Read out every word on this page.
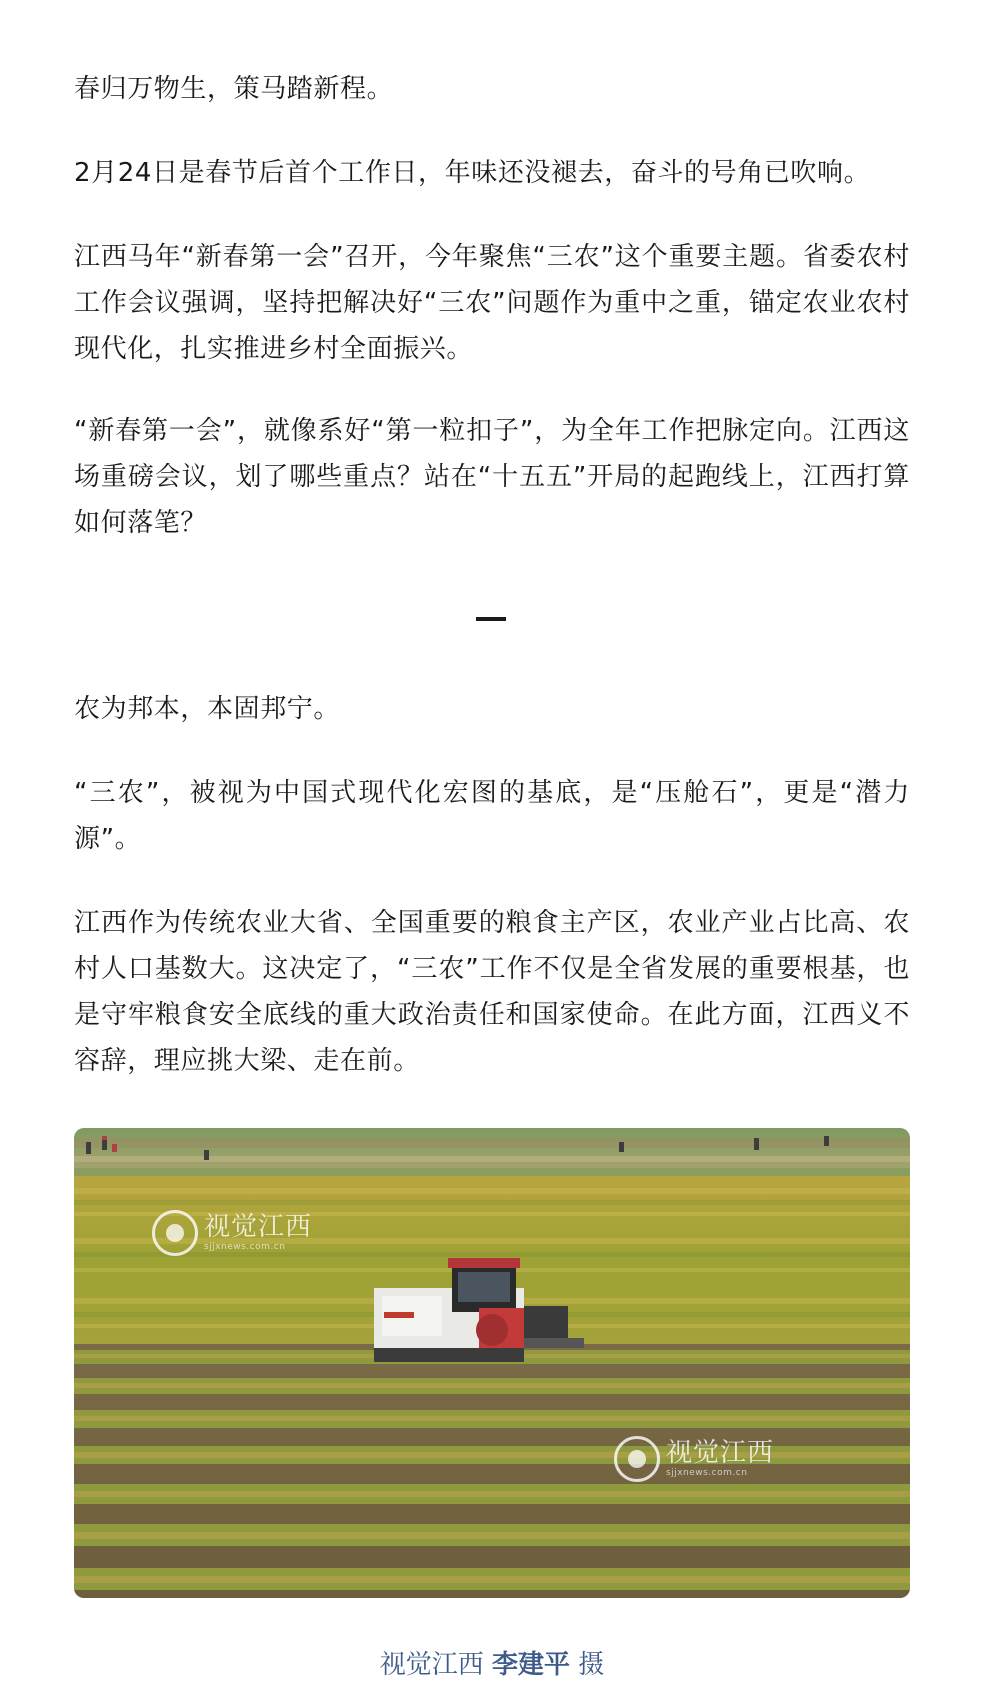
春归万物生，策马踏新程。

2月24日是春节后首个工作日，年味还没褪去，奋斗的号角已吹响。

江西马年“新春第一会”召开，今年聚焦“三农”这个重要主题。省委农村工作会议强调，坚持把解决好“三农”问题作为重中之重，锚定农业农村现代化，扎实推进乡村全面振兴。

“新春第一会”，就像系好“第一粒扣子”，为全年工作把脉定向。江西这场重磅会议，划了哪些重点？站在“十五五”开局的起跑线上，江西打算如何落笔？

农为邦本，本固邦宁。

“三农”，被视为中国式现代化宏图的基底，是“压舱石”，更是“潜力源”。

江西作为传统农业大省、全国重要的粮食主产区，农业产业占比高、农村人口基数大。这决定了，“三农”工作不仅是全省发展的重要根基，也是守牢粮食安全底线的重大政治责任和国家使命。在此方面，江西义不容辞，理应挑大梁、走在前。

视觉江西
sjjxnews.com.cn
视觉江西
sjjxnews.com.cn
视觉江西 李建平 摄
